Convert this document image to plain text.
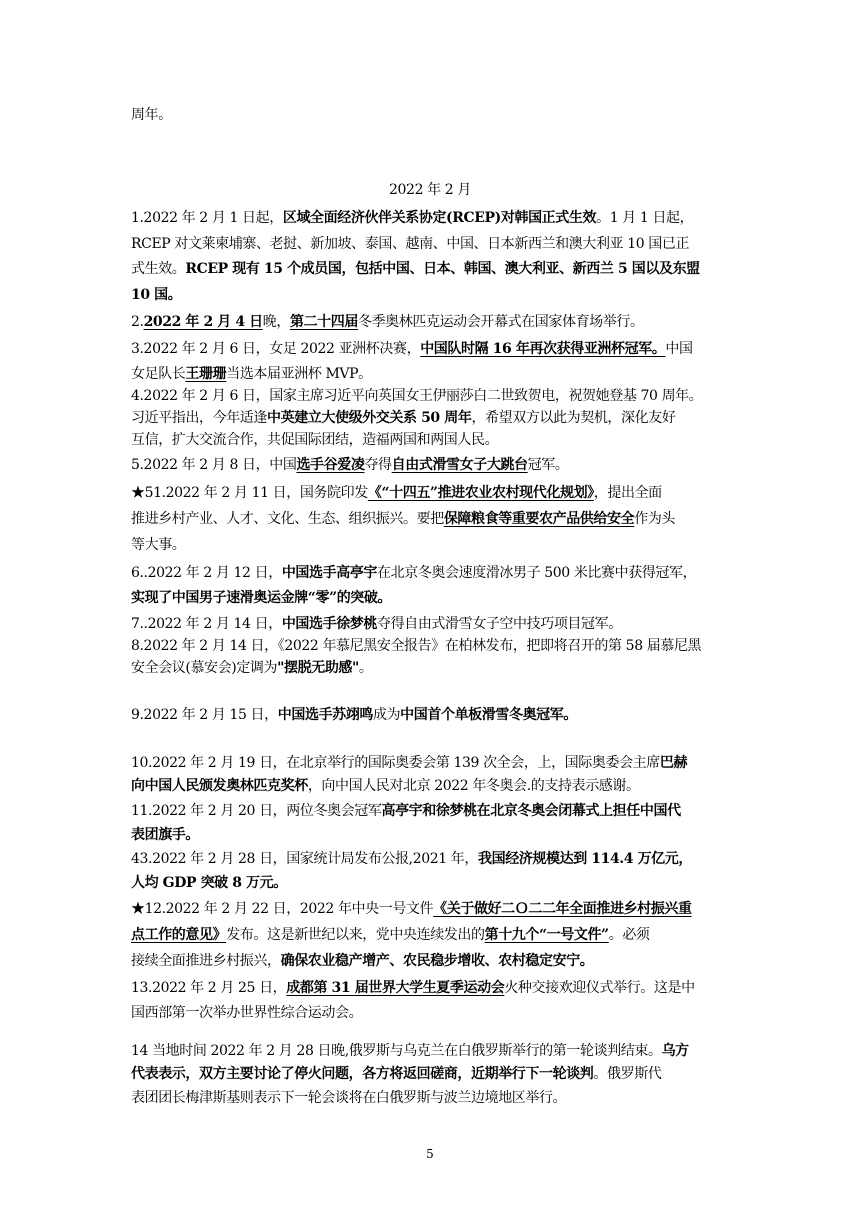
周年。
2022 年 2 月
1.2022 年 2 月 1 日起，区域全面经济伙伴关系协定(RCEP)对韩国正式生效。1 月 1 日起，
RCEP 对文莱柬埔寨、老挝、新加坡、泰国、越南、中国、日本新西兰和澳大利亚 10 国已正
式生效。RCEP 现有 15 个成员国，包括中国、日本、韩国、澳大利亚、新西兰 5 国以及东盟
10 国。
2.2022 年 2 月 4 日晚，第二十四届冬季奥林匹克运动会开幕式在国家体育场举行。
3.2022 年 2 月 6 日，女足 2022 亚洲杯决赛，中国队时隔 16 年再次获得亚洲杯冠军。中国
女足队长王珊珊当选本届亚洲杯 MVP。
4.2022 年 2 月 6 日，国家主席习近平向英国女王伊丽莎白二世致贺电，祝贺她登基 70 周年。
习近平指出，今年适逢中英建立大使级外交关系 50 周年，希望双方以此为契机，深化友好
互信，扩大交流合作，共促国际团结，造福两国和两国人民。
5.2022 年 2 月 8 日，中国选手谷爱凌夺得自由式滑雪女子大跳台冠军。
★51.2022 年 2 月 11 日，国务院印发《“十四五”推进农业农村现代化规划》，提出全面
推进乡村产业、人才、文化、生态、组织振兴。要把保障粮食等重要农产品供给安全作为头
等大事。
6..2022 年 2 月 12 日，中国选手高亭宇在北京冬奥会速度滑冰男子 500 米比赛中获得冠军，
实现了中国男子速滑奥运金牌“零”的突破。
7..2022 年 2 月 14 日，中国选手徐梦桃夺得自由式滑雪女子空中技巧项目冠军。
8.2022 年 2 月 14 日，《2022 年慕尼黑安全报告》在柏林发布，把即将召开的第 58 届慕尼黑
安全会议(慕安会)定调为"摆脱无助感"。
9.2022 年 2 月 15 日，中国选手苏翊鸣成为中国首个单板滑雪冬奥冠军。
10.2022 年 2 月 19 日，在北京举行的国际奥委会第 139 次全会，上，国际奥委会主席巴赫
向中国人民颁发奥林匹克奖杯，向中国人民对北京 2022 年冬奥会.的支持表示感谢。
11.2022 年 2 月 20 日，两位冬奥会冠军高亭宇和徐梦桃在北京冬奥会闭幕式上担任中国代
表团旗手。
43.2022 年 2 月 28 日，国家统计局发布公报,2021 年，我国经济规模达到 114.4 万亿元，
人均 GDP 突破 8 万元。
★12.2022 年 2 月 22 日，2022 年中央一号文件《关于做好二Ｏ二二年全面推进乡村振兴重
点工作的意见》发布。这是新世纪以来，党中央连续发出的第十九个“一号文件”。必须
接续全面推进乡村振兴，确保农业稳产增产、农民稳步增收、农村稳定安宁。
13.2022 年 2 月 25 日，成都第 31 届世界大学生夏季运动会火种交接欢迎仪式举行。这是中
国西部第一次举办世界性综合运动会。
14 当地时间 2022 年 2 月 28 日晚,俄罗斯与乌克兰在白俄罗斯举行的第一轮谈判结束。乌方
代表表示，双方主要讨论了停火问题，各方将返回磋商，近期举行下一轮谈判。俄罗斯代
表团团长梅津斯基则表示下一轮会谈将在白俄罗斯与波兰边境地区举行。
5
